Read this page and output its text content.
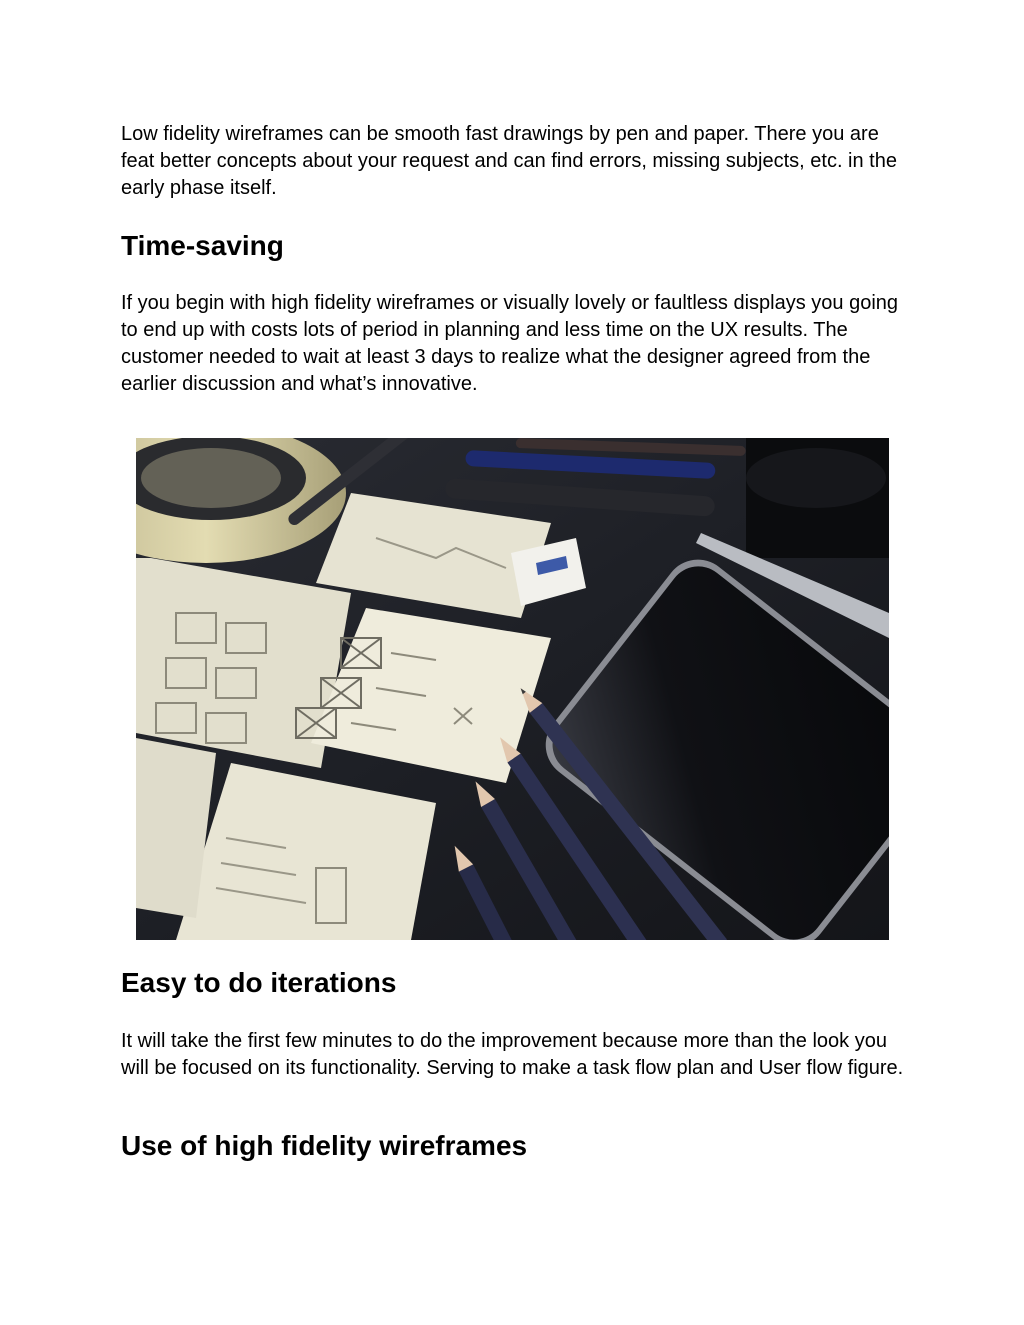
Low fidelity wireframes can be smooth fast drawings by pen and paper. There you are feat better concepts about your request and can find errors, missing subjects, etc. in the early phase itself.

Time-saving

If you begin with high fidelity wireframes or visually lovely or faultless displays you going to end up with costs lots of period in planning and less time on the UX results. The customer needed to wait at least 3 days to realize what the designer agreed from the earlier discussion and what’s innovative.

Easy to do iterations

It will take the first few minutes to do the improvement because more than the look you will be focused on its functionality. Serving to make a task flow plan and User flow figure.

Use of high fidelity wireframes
